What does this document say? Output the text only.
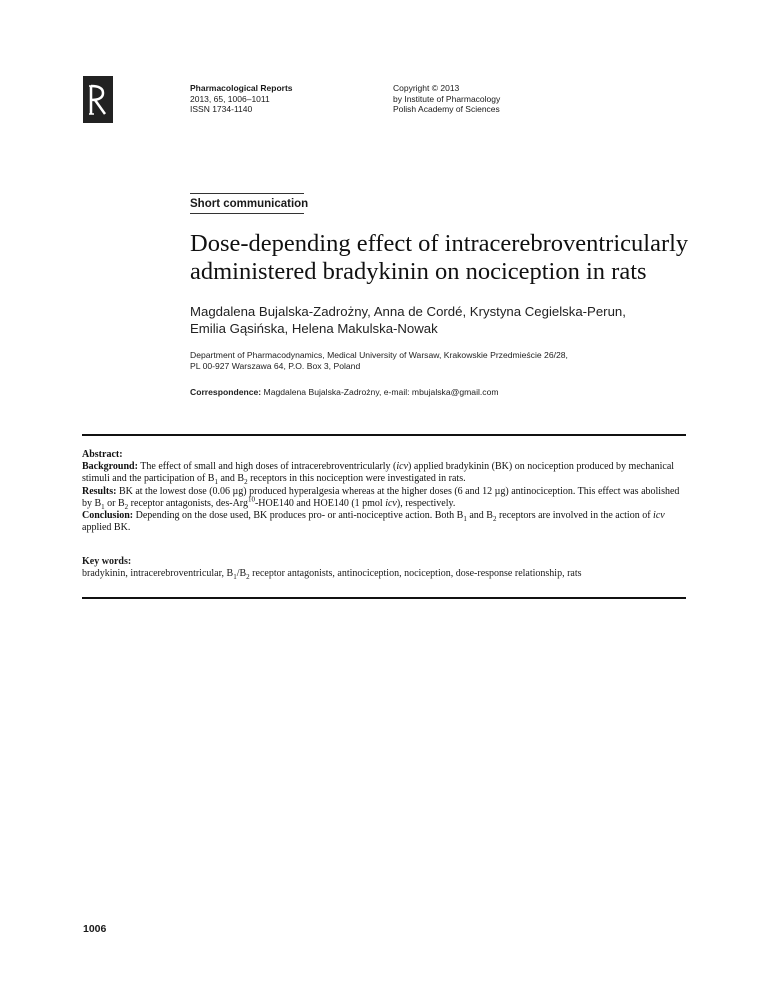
Pharmacological Reports
2013, 65, 1006–1011
ISSN 1734-1140
Copyright © 2013
by Institute of Pharmacology
Polish Academy of Sciences
Short communication
Dose-depending effect of intracerebroventricularly
administered bradykinin on nociception in rats
Magdalena Bujalska-Zadrożny, Anna de Cordé, Krystyna Cegielska-Perun,
Emilia Gąsińska, Helena Makulska-Nowak
Department of Pharmacodynamics, Medical University of Warsaw, Krakowskie Przedmieście 26/28,
PL 00-927 Warszawa 64, P.O. Box 3, Poland
Correspondence: Magdalena Bujalska-Zadrożny, e-mail: mbujalska@gmail.com

Abstract:

Background: The effect of small and high doses of intracerebroventricularly (icv) applied bradykinin (BK) on nociception produced by mechanical stimuli and the participation of $B_1$ and $B_2$ receptors in this nociception were investigated in rats.

Results: BK at the lowest dose (0.06 µg) produced hyperalgesia whereas at the higher doses (6 and 12 µg) antinociception. This effect was abolished by $B_1$ or $B_2$ receptor antagonists, des-Arg$^{10}$-HOE140 and HOE140 (1 pmol icv), respectively.

Conclusion: Depending on the dose used, BK produces pro- or anti-nociceptive action. Both $B_1$ and $B_2$ receptors are involved in the action of icv applied BK.

Key words:

bradykinin, intracerebroventricular, $B_1/B_2$ receptor antagonists, antinociception, nociception, dose-response relationship, rats

1006
